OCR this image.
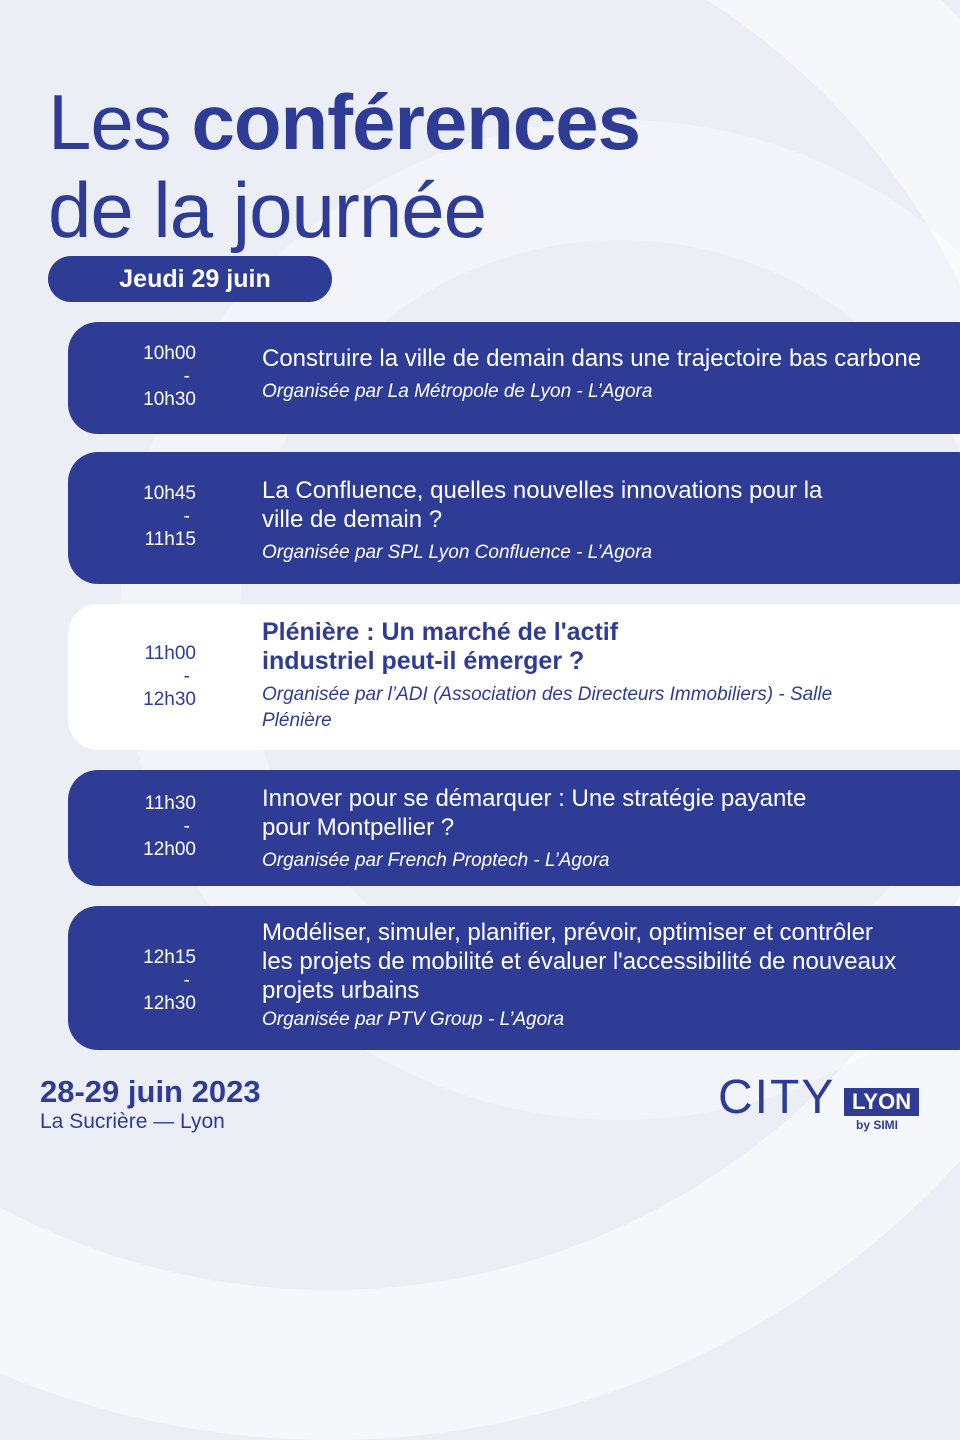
Les conférences
de la journée
Jeudi 29 juin
10h00
-
10h30

Construire la ville de demain dans une trajectoire bas carbone

Organisée par La Métropole de Lyon - L’Agora
10h45
-
11h15

La Confluence, quelles nouvelles innovations pour la ville de demain ?

Organisée par SPL Lyon Confluence - L’Agora
11h00
-
12h30

Plénière : Un marché de l'actif industriel peut-il émerger ?

Organisée par l’ADI (Association des Directeurs Immobiliers) - Salle Plénière
11h30
-
12h00

Innover pour se démarquer : Une stratégie payante pour Montpellier ?

Organisée par French Proptech - L’Agora
12h15
-
12h30

Modéliser, simuler, planifier, prévoir, optimiser et contrôler les projets de mobilité et évaluer l'accessibilité de nouveaux projets urbains

Organisée par PTV Group - L’Agora
28-29 juin 2023
La Sucrière — Lyon	CITY LYON
by SIMI
